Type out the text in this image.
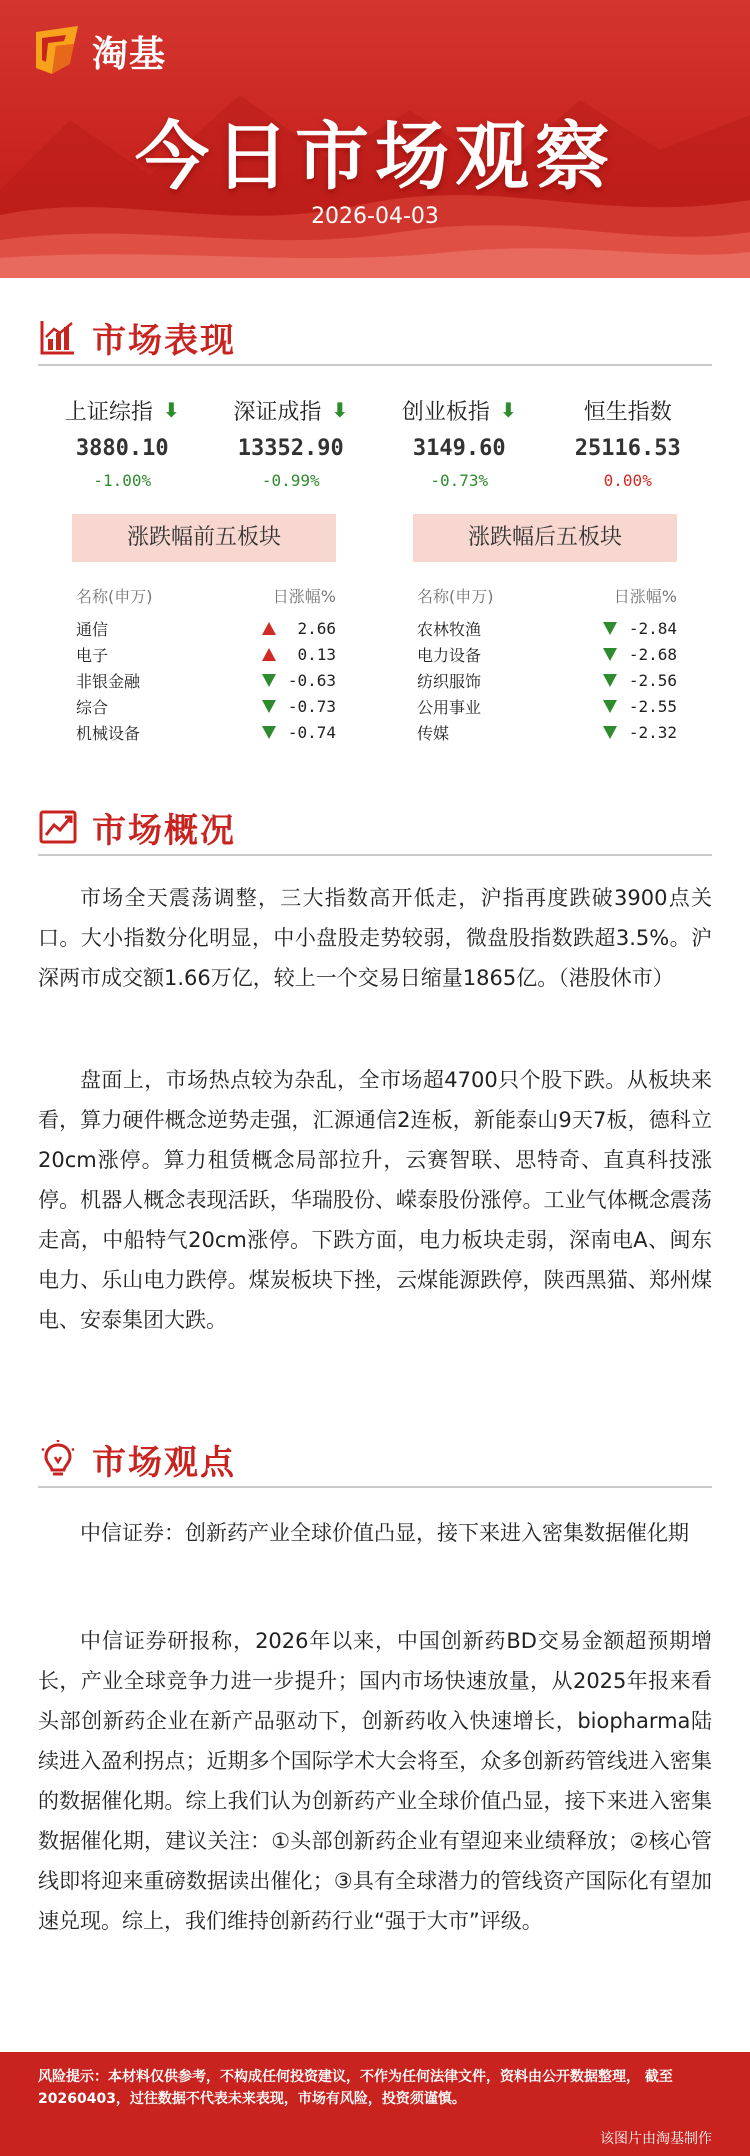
淘基
今日市场观察
2026-04-03
市场表现
上证综指 ⬇
3880.10
-1.00%
深证成指 ⬇
13352.90
-0.99%
创业板指 ⬇
3149.60
-0.73%
恒生指数
25116.53
0.00%
涨跌幅前五板块
名称(申万)	日涨幅%
通信	2.66
电子	0.13
非银金融	-0.63
综合	-0.73
机械设备	-0.74
涨跌幅后五板块
名称(申万)	日涨幅%
农林牧渔	-2.84
电力设备	-2.68
纺织服饰	-2.56
公用事业	-2.55
传媒	-2.32
市场概况

市场全天震荡调整，三大指数高开低走，沪指再度跌破3900点关口。大小指数分化明显，中小盘股走势较弱，微盘股指数跌超3.5%。沪深两市成交额1.66万亿，较上一个交易日缩量1865亿。（港股休市）

盘面上，市场热点较为杂乱，全市场超4700只个股下跌。从板块来看，算力硬件概念逆势走强，汇源通信2连板，新能泰山9天7板，德科立20cm涨停。算力租赁概念局部拉升，云赛智联、思特奇、直真科技涨停。机器人概念表现活跃，华瑞股份、嵘泰股份涨停。工业气体概念震荡走高，中船特气20cm涨停。下跌方面，电力板块走弱，深南电A、闽东电力、乐山电力跌停。煤炭板块下挫，云煤能源跌停，陕西黑猫、郑州煤电、安泰集团大跌。

市场观点

中信证券：创新药产业全球价值凸显，接下来进入密集数据催化期

中信证券研报称，2026年以来，中国创新药BD交易金额超预期增长，产业全球竞争力进一步提升；国内市场快速放量，从2025年报来看头部创新药企业在新产品驱动下，创新药收入快速增长，biopharma陆续进入盈利拐点；近期多个国际学术大会将至，众多创新药管线进入密集的数据催化期。综上我们认为创新药产业全球价值凸显，接下来进入密集数据催化期，建议关注：①头部创新药企业有望迎来业绩释放；②核心管线即将迎来重磅数据读出催化；③具有全球潜力的管线资产国际化有望加速兑现。综上，我们维持创新药行业“强于大市”评级。

风险提示：本材料仅供参考，不构成任何投资建议，不作为任何法律文件，资料由公开数据整理， 截至20260403，过往数据不代表未来表现，市场有风险，投资须谨慎。
该图片由淘基制作
